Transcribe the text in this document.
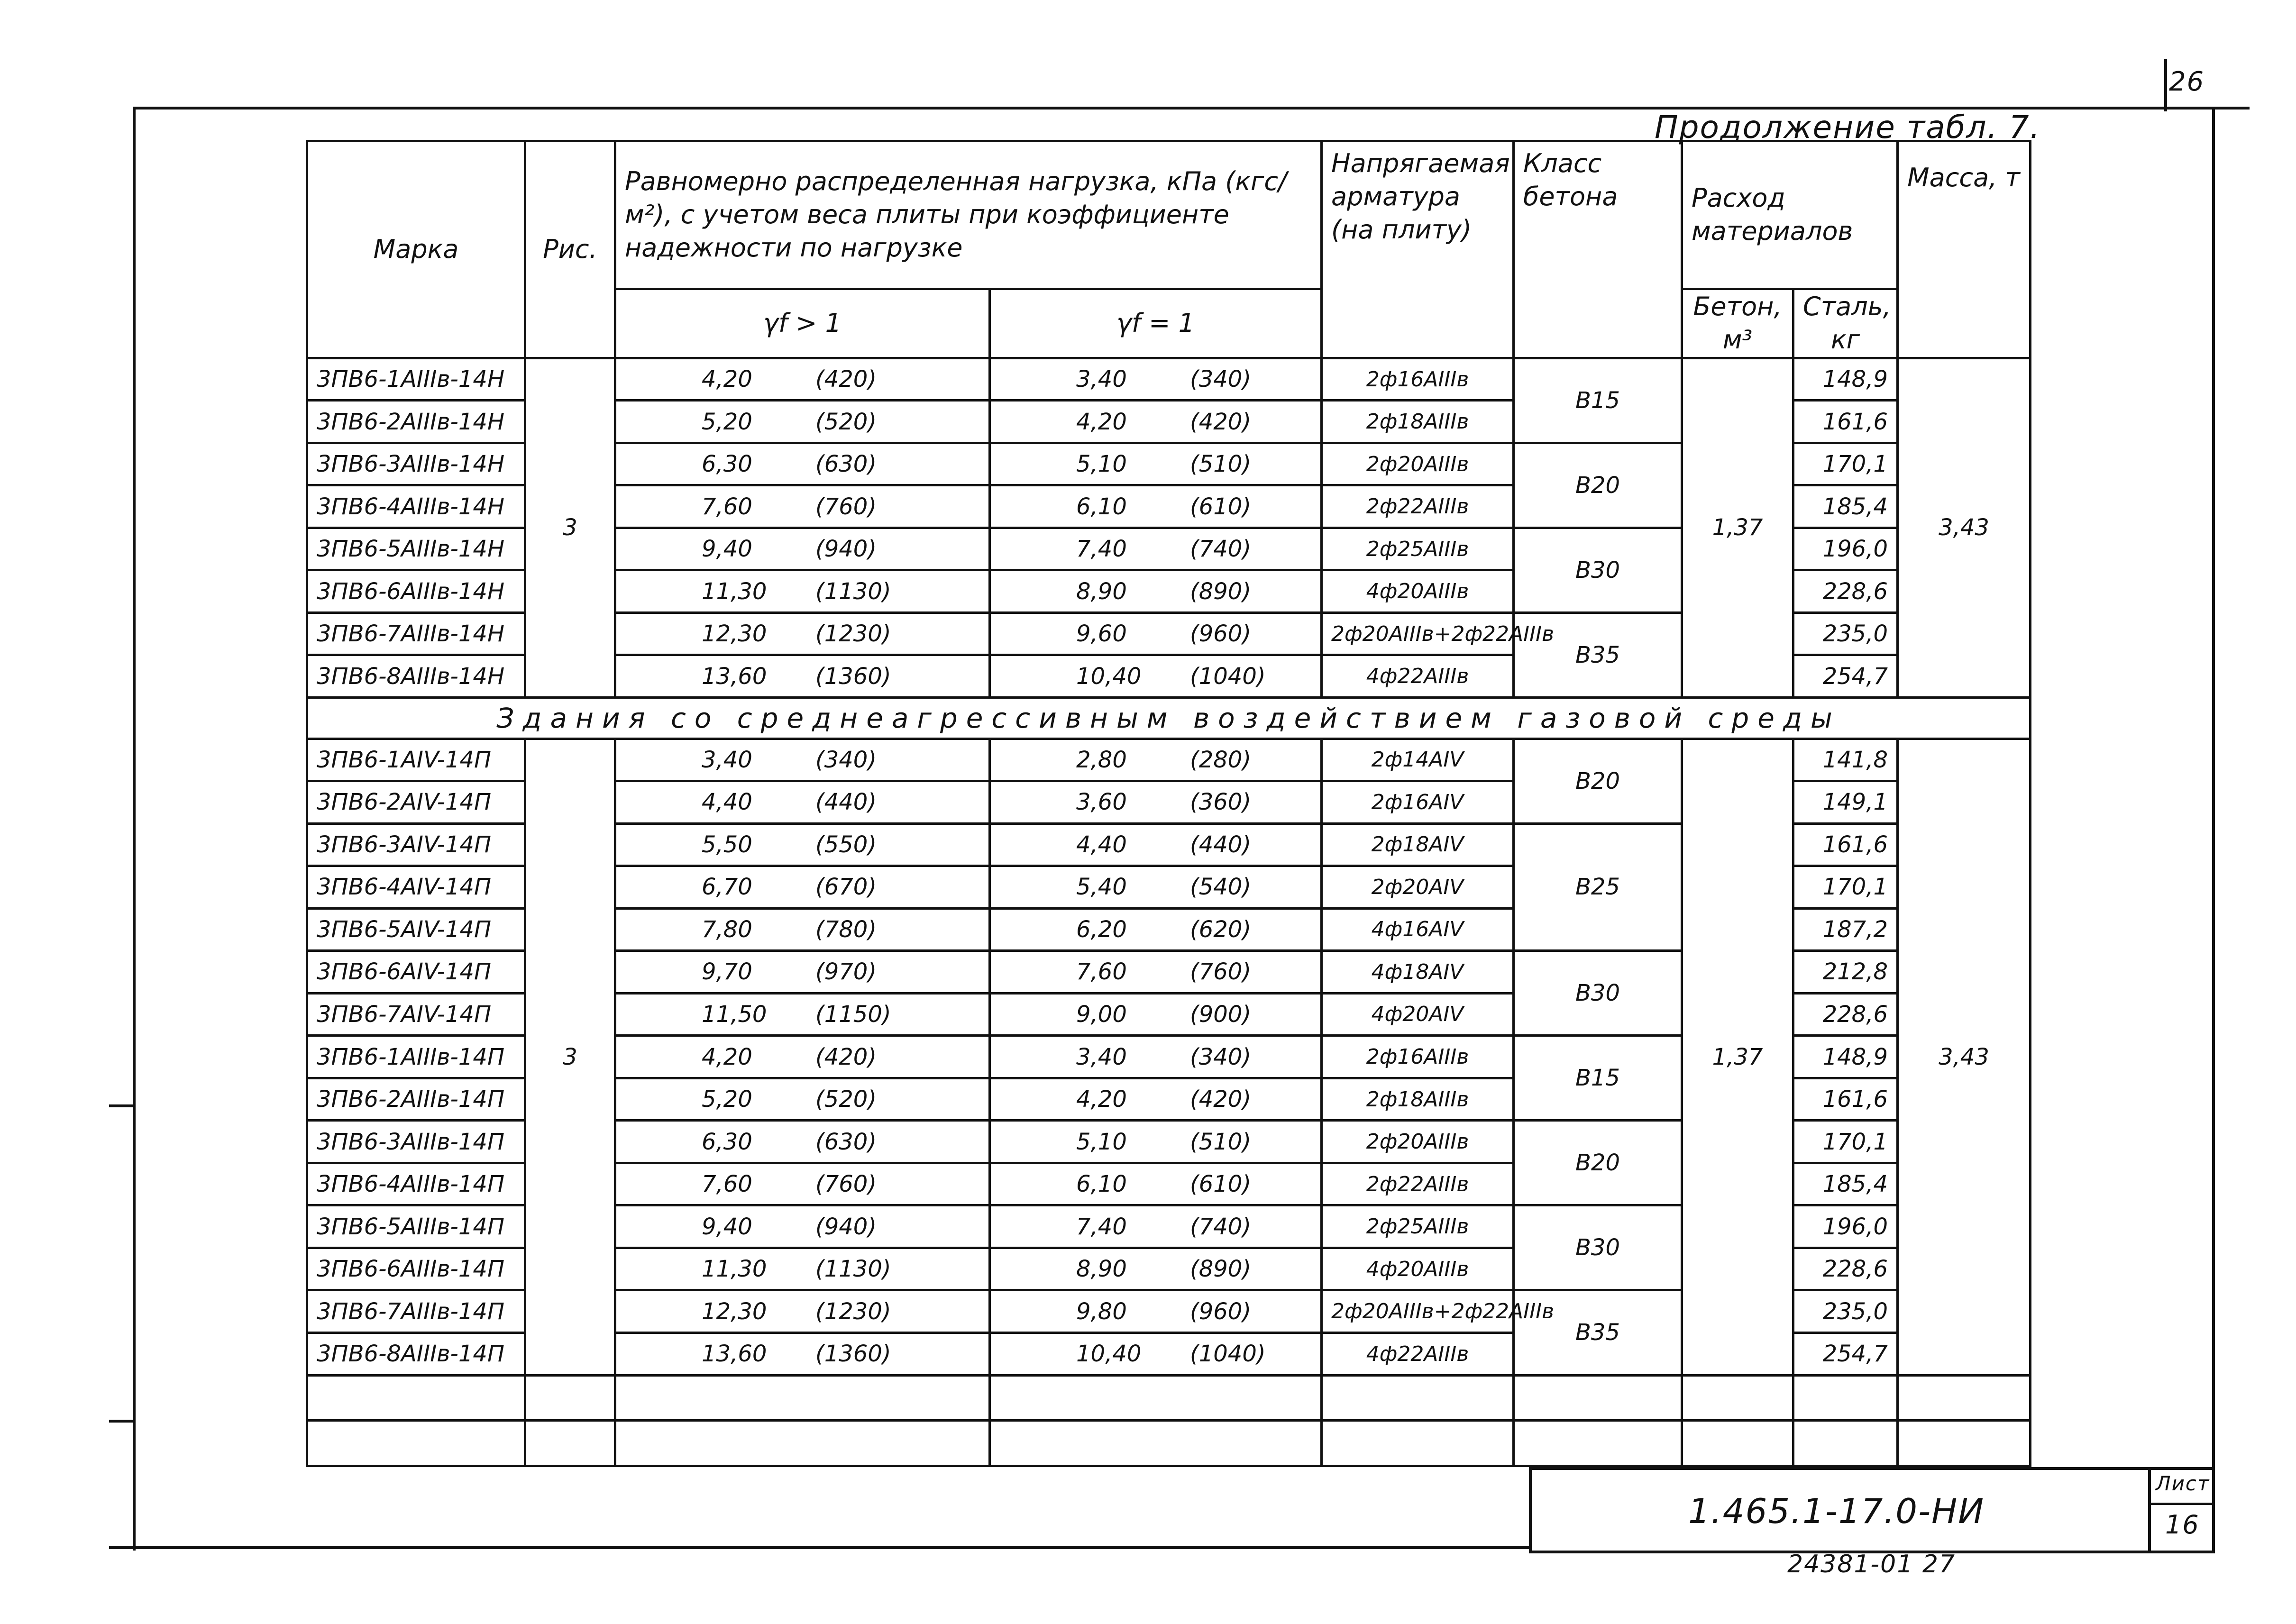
26
Продолжение табл. 7.
Марка	Рис.	Равномерно распределенная нагрузка, кПа (кгс/м²), с учетом веса плиты при коэффициенте надежности по нагрузке		Напрягаемая арматура (на плиту)	Класс бетона	Расход материалов		Масса, т
		γf > 1	γf = 1			Бетон, м³	Сталь, кг	
3ПВ6-1АIIIв-14Н	3	4,20 (420)	3,40 (340)	2ф16АIIIв	В15	1,37	148,9	3,43
3ПВ6-2АIIIв-14Н		5,20 (520)	4,20 (420)	2ф18АIIIв			161,6	
3ПВ6-3АIIIв-14Н		6,30 (630)	5,10 (510)	2ф20АIIIв	В20		170,1	
3ПВ6-4АIIIв-14Н		7,60 (760)	6,10 (610)	2ф22АIIIв			185,4	
3ПВ6-5АIIIв-14Н		9,40 (940)	7,40 (740)	2ф25АIIIв	В30		196,0	
3ПВ6-6АIIIв-14Н		11,30 (1130)	8,90 (890)	4ф20АIIIв			228,6	
3ПВ6-7АIIIв-14Н		12,30 (1230)	9,60 (960)	2ф20АIIIв+2ф22АIIIв	В35		235,0	
3ПВ6-8АIIIв-14Н		13,60 (1360)	10,40 (1040)	4ф22АIIIв			254,7	
Здания со среднеагрессивным воздействием газовой среды								
3ПВ6-1АIV-14П	3	3,40 (340)	2,80 (280)	2ф14АIV	В20	1,37	141,8	3,43
3ПВ6-2АIV-14П		4,40 (440)	3,60 (360)	2ф16АIV			149,1	
3ПВ6-3АIV-14П		5,50 (550)	4,40 (440)	2ф18АIV	В25		161,6	
3ПВ6-4АIV-14П		6,70 (670)	5,40 (540)	2ф20АIV			170,1	
3ПВ6-5АIV-14П		7,80 (780)	6,20 (620)	4ф16АIV			187,2	
3ПВ6-6АIV-14П		9,70 (970)	7,60 (760)	4ф18АIV	В30		212,8	
3ПВ6-7АIV-14П		11,50 (1150)	9,00 (900)	4ф20АIV			228,6	
3ПВ6-1АIIIв-14П		4,20 (420)	3,40 (340)	2ф16АIIIв	В15		148,9	
3ПВ6-2АIIIв-14П		5,20 (520)	4,20 (420)	2ф18АIIIв			161,6	
3ПВ6-3АIIIв-14П		6,30 (630)	5,10 (510)	2ф20АIIIв	В20		170,1	
3ПВ6-4АIIIв-14П		7,60 (760)	6,10 (610)	2ф22АIIIв			185,4	
3ПВ6-5АIIIв-14П		9,40 (940)	7,40 (740)	2ф25АIIIв	В30		196,0	
3ПВ6-6АIIIв-14П		11,30 (1130)	8,90 (890)	4ф20АIIIв			228,6	
3ПВ6-7АIIIв-14П		12,30 (1230)	9,80 (960)	2ф20АIIIв+2ф22АIIIв	В35		235,0	
3ПВ6-8АIIIв-14П		13,60 (1360)	10,40 (1040)	4ф22АIIIв			254,7	

1.465.1-17.0-НИ
Лист
16
24381-01 27
